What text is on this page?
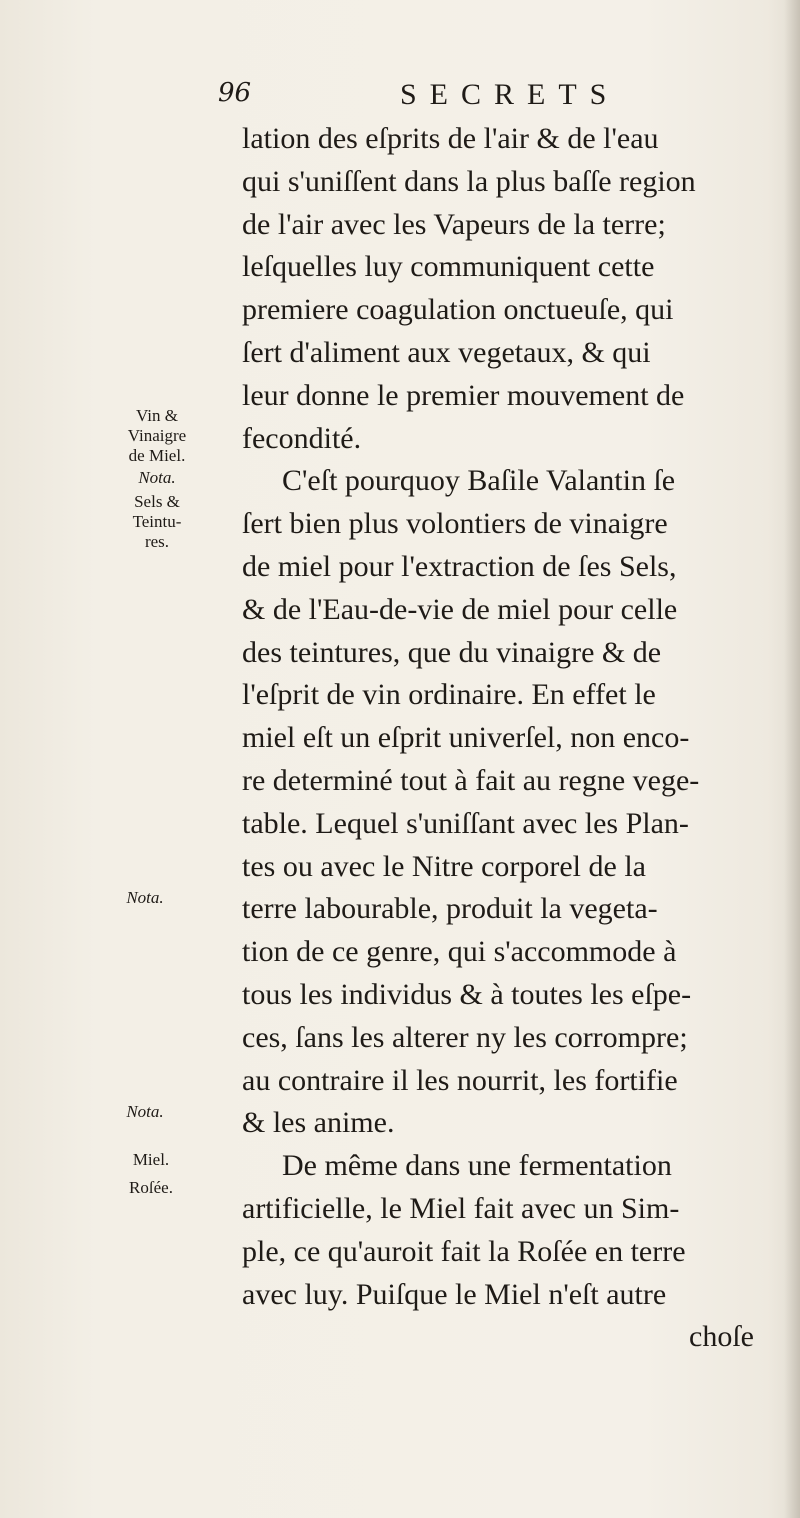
96	SECRETS
Vin &
Vinaigre
de Miel.
Nota.
Sels &
Teintu-
res.
Nota.
Nota.
Miel.
Roſée.
lation des eſprits de l'air & de l'eau
qui s'uniſſent dans la plus baſſe region
de l'air avec les Vapeurs de la terre;
leſquelles luy communiquent cette
premiere coagulation onctueuſe, qui
ſert d'aliment aux vegetaux, & qui
leur donne le premier mouvement de
fecondité.
C'eſt pourquoy Baſile Valantin ſe
ſert bien plus volontiers de vinaigre
de miel pour l'extraction de ſes Sels,
& de l'Eau-de-vie de miel pour celle
des teintures, que du vinaigre & de
l'eſprit de vin ordinaire. En effet le
miel eſt un eſprit univerſel, non enco-
re determiné tout à fait au regne vege-
table. Lequel s'uniſſant avec les Plan-
tes ou avec le Nitre corporel de la
terre labourable, produit la vegeta-
tion de ce genre, qui s'accommode à
tous les individus & à toutes les eſpe-
ces, ſans les alterer ny les corrompre;
au contraire il les nourrit, les fortifie
& les anime.
De même dans une fermentation
artificielle, le Miel fait avec un Sim-
ple, ce qu'auroit fait la Roſée en terre
avec luy. Puiſque le Miel n'eſt autre
choſe
